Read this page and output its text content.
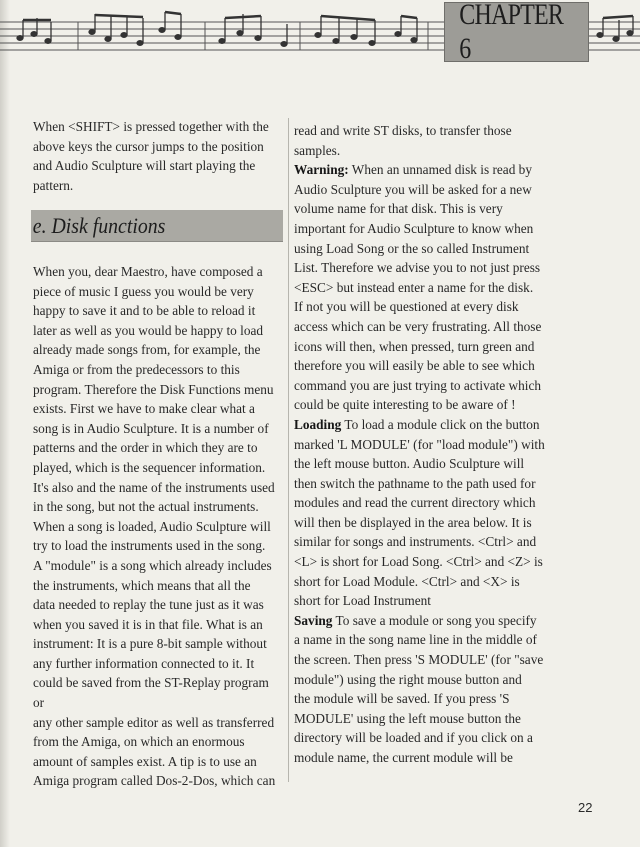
CHAPTER 6

When <SHIFT> is pressed together with the
above keys the cursor jumps to the position
and Audio Sculpture will start playing the
pattern.

When you, dear Maestro, have composed a
piece of music I guess you would be very
happy to save it and to be able to reload it
later as well as you would be happy to load
already made songs from, for example, the
Amiga or from the predecessors to this
program. Therefore the Disk Functions menu
exists. First we have to make clear what a
song is in Audio Sculpture. It is a number of
patterns and the order in which they are to
played, which is the sequencer information.
It's also and the name of the instruments used
in the song, but not the actual instruments.
When a song is loaded, Audio Sculpture will
try to load the instruments used in the song.
A "module" is a song which already includes
the instruments, which means that all the
data needed to replay the tune just as it was
when you saved it is in that file. What is an
instrument: It is a pure 8-bit sample without
any further information connected to it. It
could be saved from the ST-Replay program or
any other sample editor as well as transferred
from the Amiga, on which an enormous
amount of samples exist. A tip is to use an
Amiga program called Dos-2-Dos, which can

e. Disk functions

read and write ST disks, to transfer those
samples.
Warning: When an unnamed disk is read by
Audio Sculpture you will be asked for a new
volume name for that disk. This is very
important for Audio Sculpture to know when
using Load Song or the so called Instrument
List. Therefore we advise you to not just press
<ESC> but instead enter a name for the disk.
If not you will be questioned at every disk
access which can be very frustrating. All those
icons will then, when pressed, turn green and
therefore you will easily be able to see which
command you are just trying to activate which
could be quite interesting to be aware of !
Loading To load a module click on the button
marked 'L MODULE' (for "load module") with
the left mouse button. Audio Sculpture will
then switch the pathname to the path used for
modules and read the current directory which
will then be displayed in the area below. It is
similar for songs and instruments. <Ctrl> and
<L> is short for Load Song. <Ctrl> and <Z> is
short for Load Module. <Ctrl> and <X> is
short for Load Instrument
Saving To save a module or song you specify
a name in the song name line in the middle of
the screen. Then press 'S MODULE' (for "save
module") using the right mouse button and
the module will be saved. If you press 'S
MODULE' using the left mouse button the
directory will be loaded and if you click on a
module name, the current module will be

22
